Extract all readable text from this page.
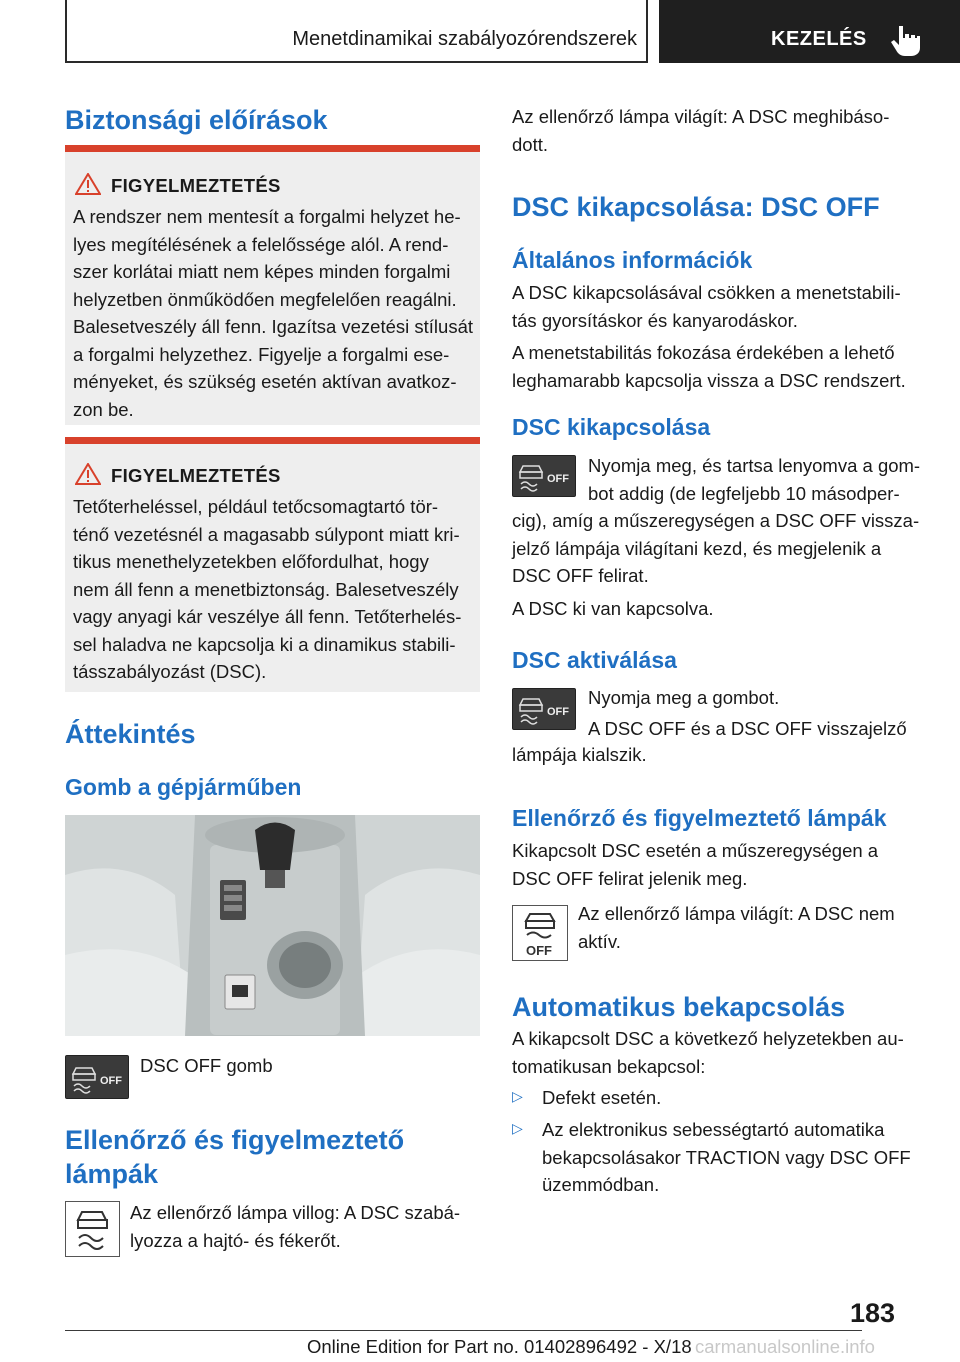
Menetdinamikai szabályozórendszerek	KEZELÉS
Biztonsági előírások
FIGYELMEZTETÉS
A rendszer nem mentesít a forgalmi helyzet he-
lyes megítélésének a felelőssége alól. A rend-
szer korlátai miatt nem képes minden forgalmi
helyzetben önműködően megfelelően reagálni.
Balesetveszély áll fenn. Igazítsa vezetési stílusát
a forgalmi helyzethez. Figyelje a forgalmi ese-
ményeket, és szükség esetén aktívan avatkoz-
zon be.
FIGYELMEZTETÉS
Tetőterheléssel, például tetőcsomagtartó tör-
ténő vezetésnél a magasabb súlypont miatt kri-
tikus menethelyzetekben előfordulhat, hogy
nem áll fenn a menetbiztonság. Balesetveszély
vagy anyagi kár veszélye áll fenn. Tetőterhelés-
sel haladva ne kapcsolja ki a dinamikus stabili-
tásszabályozást (DSC).
Áttekintés
Gomb a gépjárműben
OFF
DSC OFF gomb
Ellenőrző és figyelmeztető
lámpák
Az ellenőrző lámpa villog: A DSC szabá-
lyozza a hajtó- és fékerőt.
Az ellenőrző lámpa világít: A DSC meghibáso-
dott.
DSC kikapcsolása: DSC OFF
Általános információk
A DSC kikapcsolásával csökken a menetstabili-
tás gyorsításkor és kanyarodáskor.
A menetstabilitás fokozása érdekében a lehető
leghamarabb kapcsolja vissza a DSC rendszert.
DSC kikapcsolása
OFF
Nyomja meg, és tartsa lenyomva a gom-
bot addig (de legfeljebb 10 másodper-
cig), amíg a műszeregységen a DSC OFF vissza-
jelző lámpája világítani kezd, és megjelenik a
DSC OFF felirat.
A DSC ki van kapcsolva.
DSC aktiválása
OFF
Nyomja meg a gombot.
A DSC OFF és a DSC OFF visszajelző
lámpája kialszik.
Ellenőrző és figyelmeztető lámpák
Kikapcsolt DSC esetén a műszeregységen a
DSC OFF felirat jelenik meg.
OFF
Az ellenőrző lámpa világít: A DSC nem
aktív.
Automatikus bekapcsolás
A kikapcsolt DSC a következő helyzetekben au-
tomatikusan bekapcsol:
▷ Defekt esetén.
▷ Az elektronikus sebességtartó automatika
bekapcsolásakor TRACTION vagy DSC OFF
üzemmódban.
183
Online Edition for Part no. 01402896492 - X/18 carmanualsonline.info
